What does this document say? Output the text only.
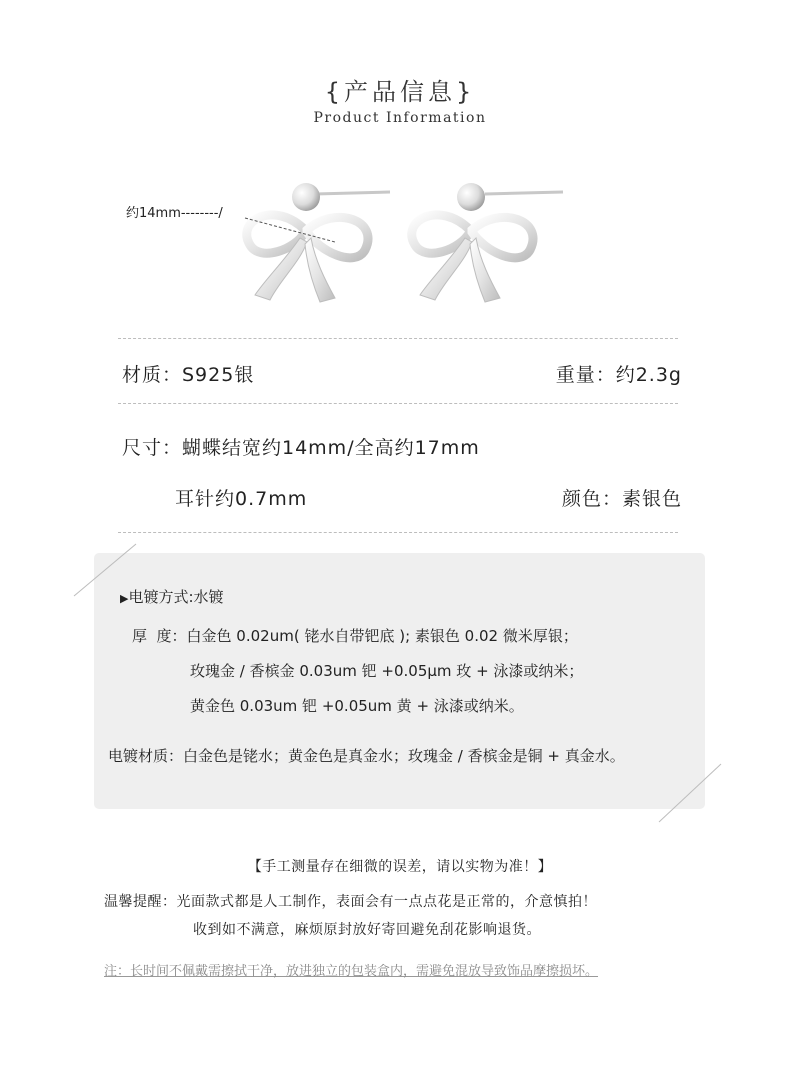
{产品信息}
Product Information
约14mm--------/
材质：S925银	重量：约2.3g
尺寸：蝴蝶结宽约14mm/全高约17mm
耳针约0.7mm	颜色：素银色
▶电镀方式:水镀
厚  度：白金色 0.02um( 铑水自带钯底 ); 素银色 0.02 微米厚银；
玫瑰金 / 香槟金 0.03um 钯 +0.05μm 玫 + 泳漆或纳米；
黄金色 0.03um 钯 +0.05um 黄 + 泳漆或纳米。
电镀材质：白金色是铑水；黄金色是真金水；玫瑰金 / 香槟金是铜 + 真金水。
【手工测量存在细微的误差，请以实物为准！】
温馨提醒：光面款式都是人工制作，表面会有一点点花是正常的，介意慎拍！
收到如不满意，麻烦原封放好寄回避免刮花影响退货。
注：长时间不佩戴需擦拭干净，放进独立的包装盒内，需避免混放导致饰品摩擦损坏。
